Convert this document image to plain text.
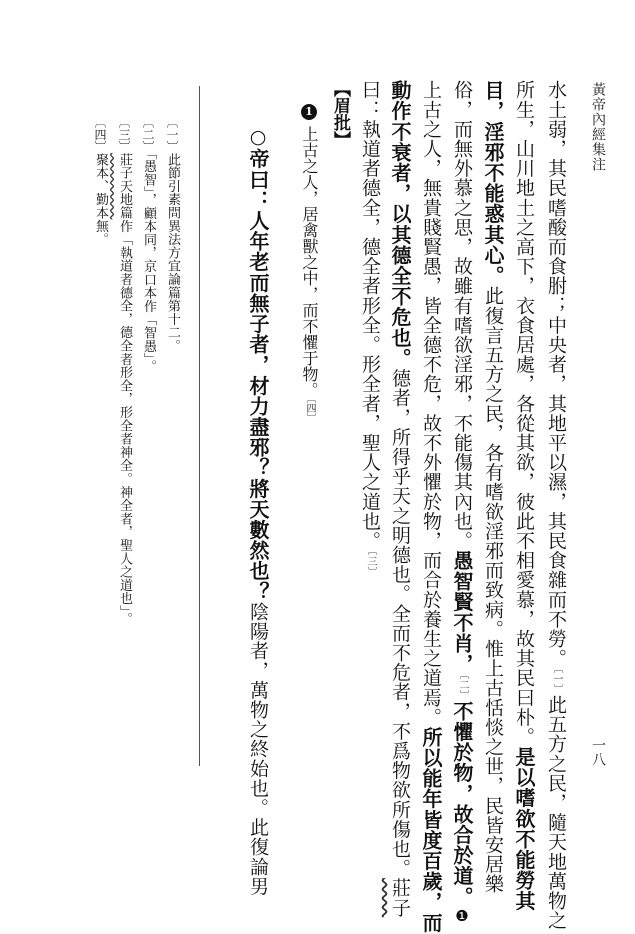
黃帝內經集注
一八
水土弱，其民嗜酸而食胕；中央者，其地平以濕，其民食雜而不勞。〔一〕此五方之民，隨天地萬物之
所生，山川地土之高下，衣食居處，各從其欲，彼此不相愛慕，故其民曰朴。是以嗜欲不能勞其
目，淫邪不能惑其心。此復言五方之民，各有嗜欲淫邪而致病。惟上古恬惔之世，民皆安居樂
俗，而無外慕之思，故雖有嗜欲淫邪，不能傷其內也。愚智賢不肖，〔二〕不懼於物，故合於道。❶
上古之人，無貴賤賢愚，皆全德不危，故不外懼於物，而合於養生之道焉。所以能年皆度百歲，而
動作不衰者，以其德全不危也。德者，所得乎天之明德也。全而不危者，不爲物欲所傷也。莊子
曰：執道者德全，德全者形全。形全者，聖人之道也。〔三〕
【眉批】
1上古之人，居禽獸之中，而不懼于物。〔四〕
○帝曰：人年老而無子者，材力盡邪？將天數然也？陰陽者，萬物之終始也。此復論男
〔一〕此節引素問異法方宜論篇第十二。
〔二〕「愚智」，顧本同，京口本作「智愚」。
〔三〕莊子天地篇作「執道者德全，德全者形全，形全者神全。神全者，聖人之道也」。
〔四〕聚本、勤本無。
